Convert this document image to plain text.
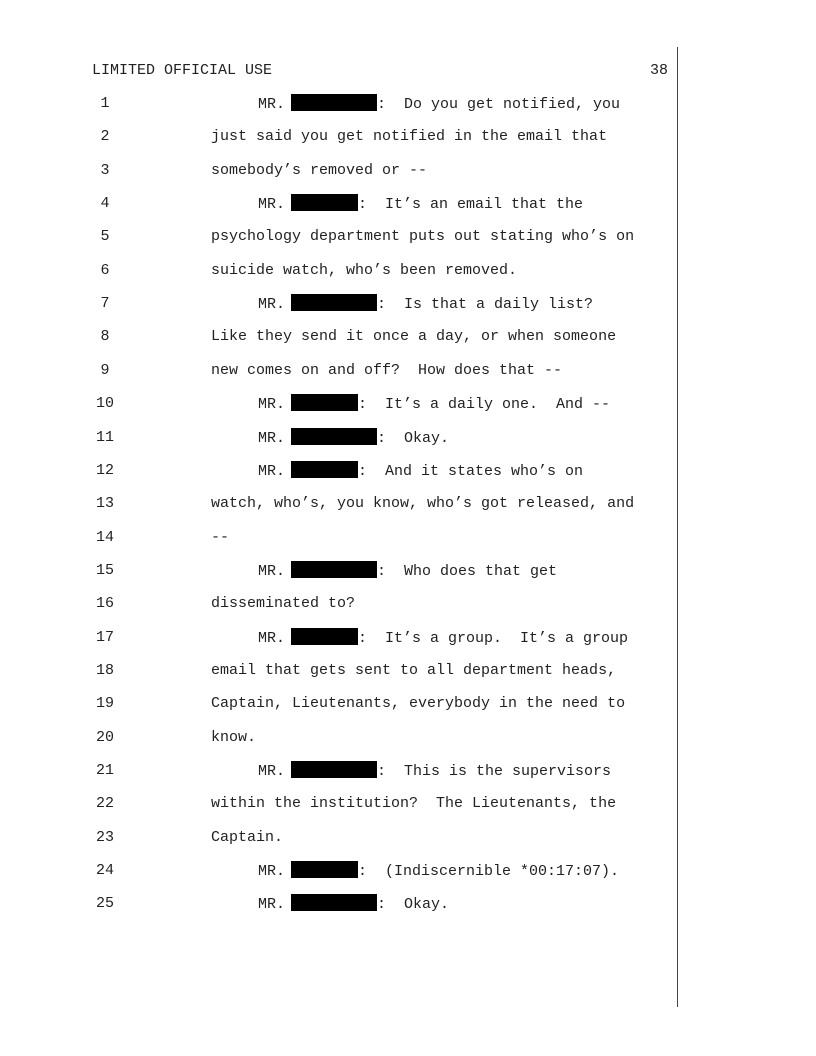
LIMITED OFFICIAL USE	38
1	MR.	:  Do you get notified, you
2	just said you get notified in the email that
3	somebody’s removed or --
4	MR.	:  It’s an email that the
5	psychology department puts out stating who’s on
6	suicide watch, who’s been removed.
7	MR.	:  Is that a daily list?
8	Like they send it once a day, or when someone
9	new comes on and off?  How does that --
10	MR.	:  It’s a daily one.  And --
11	MR.	:  Okay.
12	MR.	:  And it states who’s on
13	watch, who’s, you know, who’s got released, and
14	--
15	MR.	:  Who does that get
16	disseminated to?
17	MR.	:  It’s a group.  It’s a group
18	email that gets sent to all department heads,
19	Captain, Lieutenants, everybody in the need to
20	know.
21	MR.	:  This is the supervisors
22	within the institution?  The Lieutenants, the
23	Captain.
24	MR.	:  (Indiscernible *00:17:07).
25	MR.	:  Okay.
